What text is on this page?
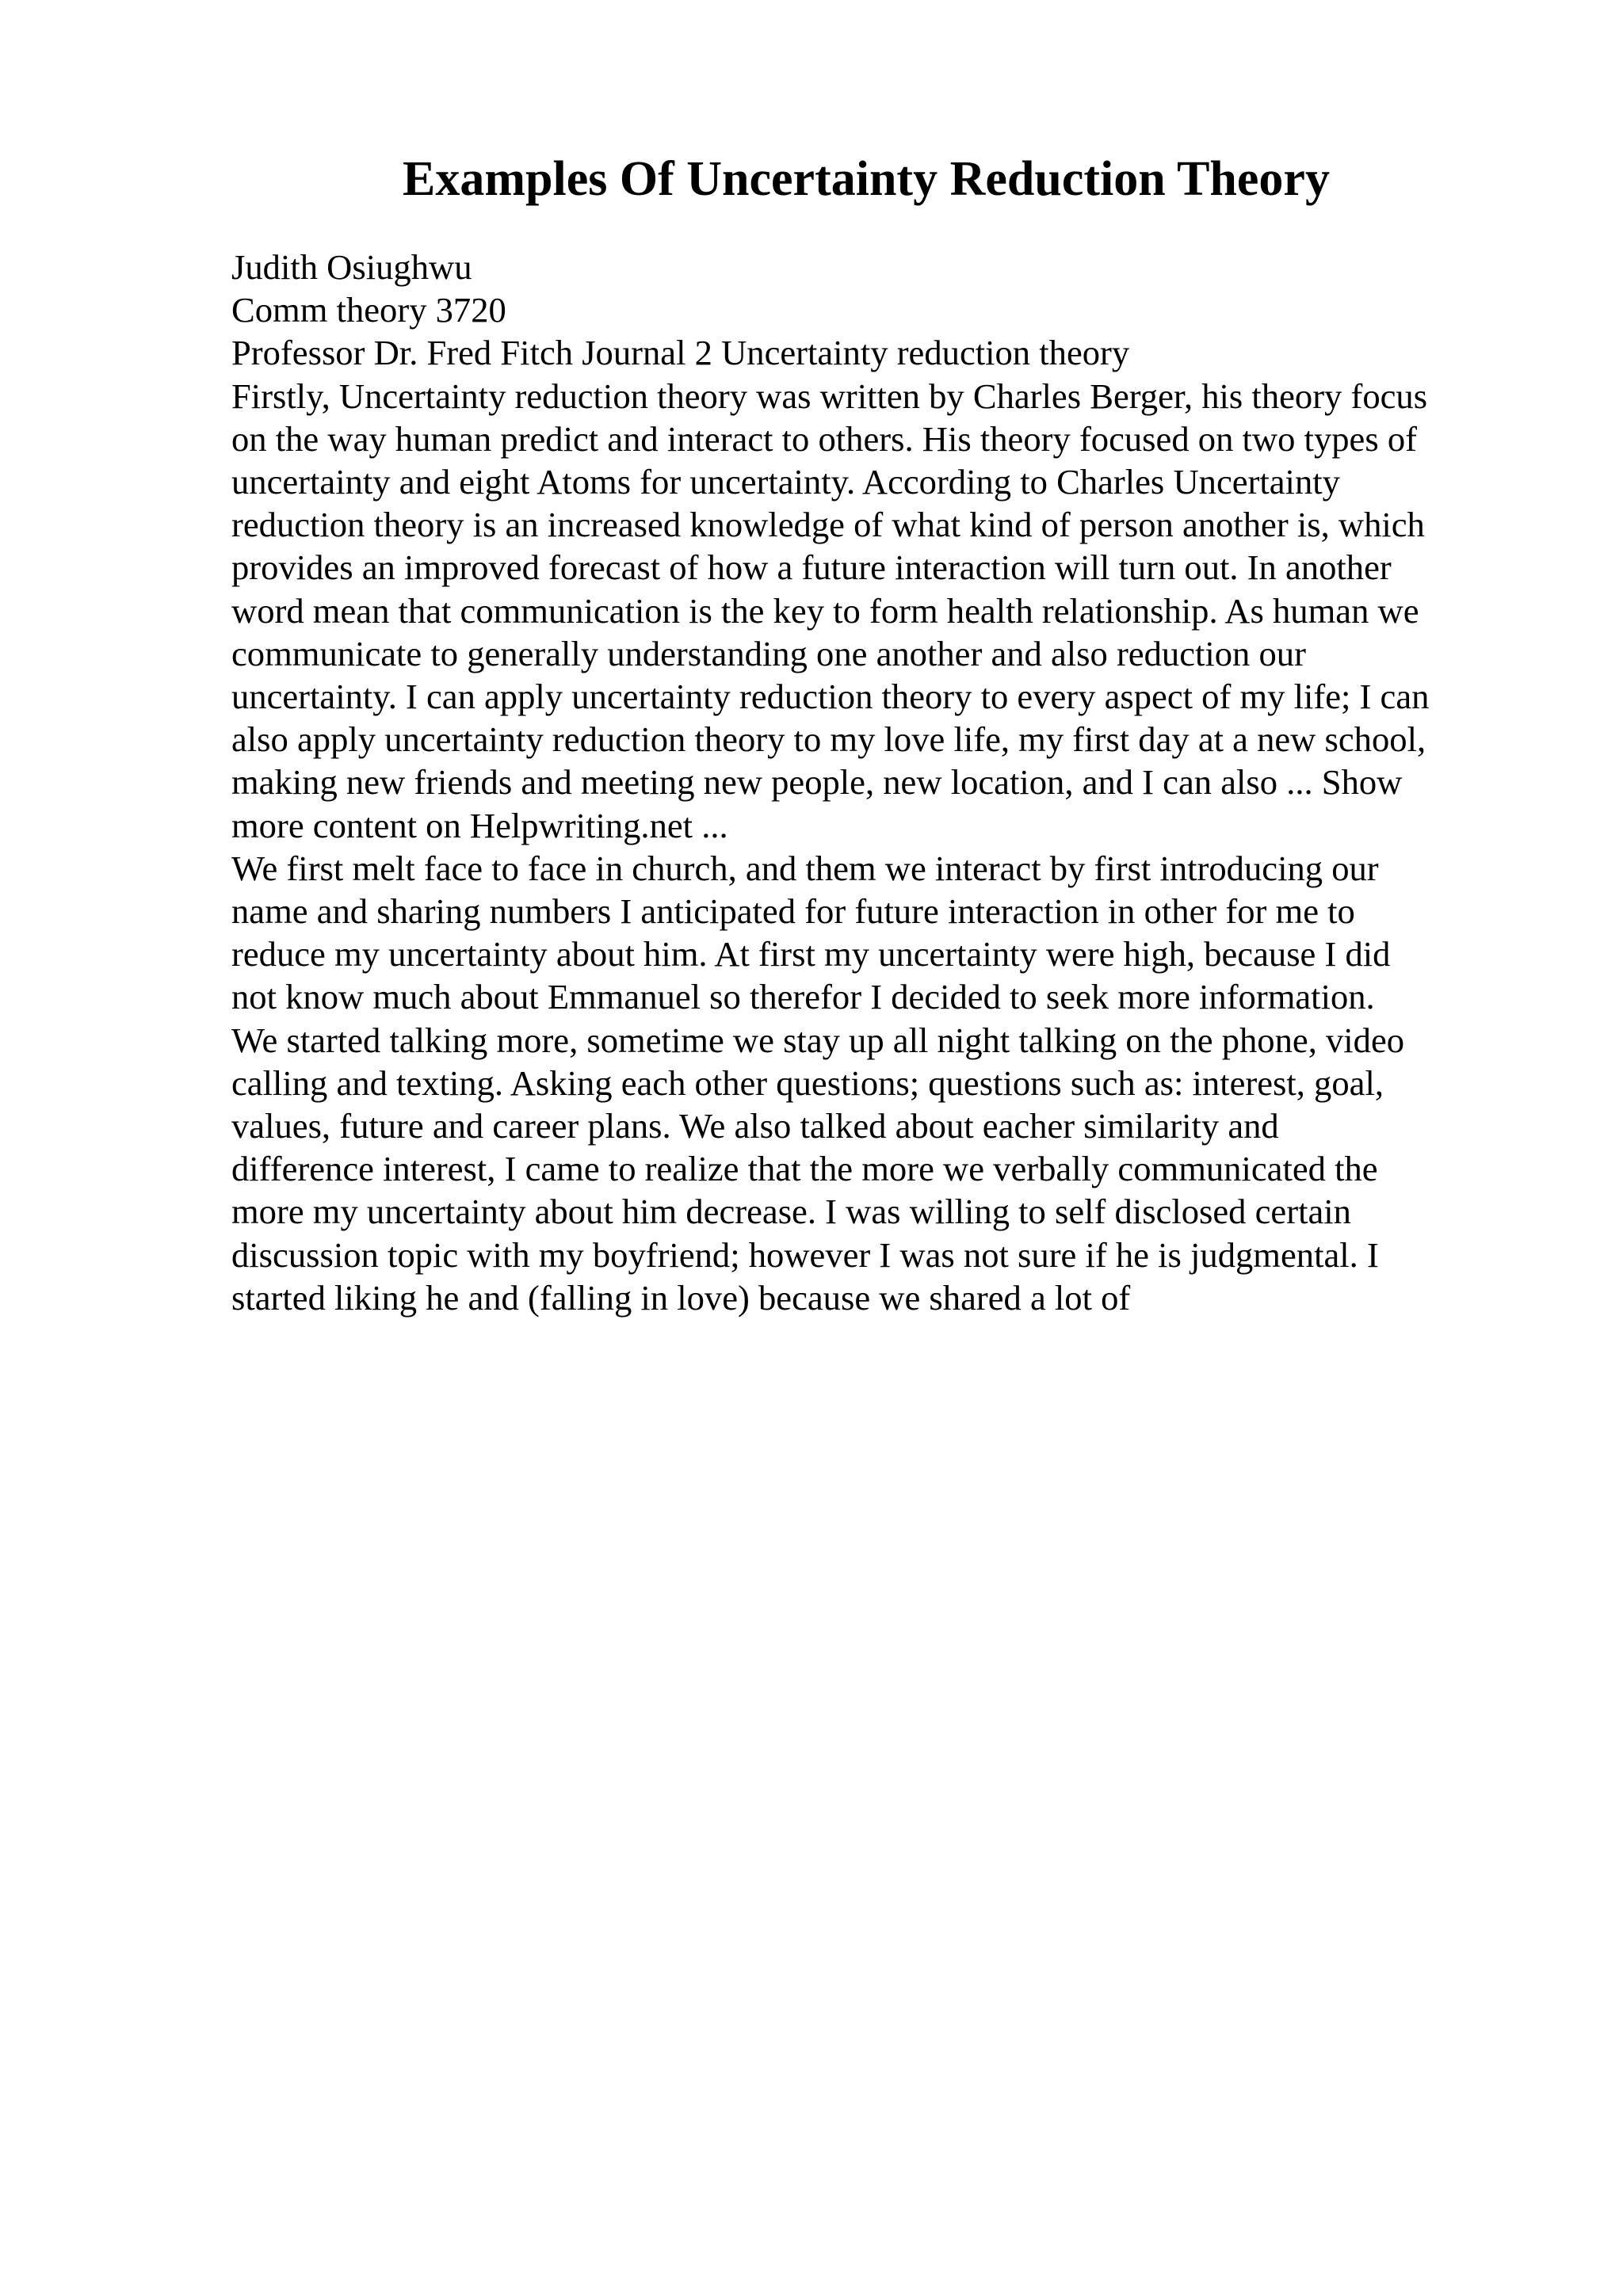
Examples Of Uncertainty Reduction Theory
Judith Osiughwu
Comm theory 3720
Professor Dr. Fred Fitch Journal 2 Uncertainty reduction theory
Firstly, Uncertainty reduction theory was written by Charles Berger, his theory focus
on the way human predict and interact to others. His theory focused on two types of
uncertainty and eight Atoms for uncertainty. According to Charles Uncertainty
reduction theory is an increased knowledge of what kind of person another is, which
provides an improved forecast of how a future interaction will turn out. In another
word mean that communication is the key to form health relationship. As human we
communicate to generally understanding one another and also reduction our
uncertainty. I can apply uncertainty reduction theory to every aspect of my life; I can
also apply uncertainty reduction theory to my love life, my first day at a new school,
making new friends and meeting new people, new location, and I can also ... Show
more content on Helpwriting.net ...
We first melt face to face in church, and them we interact by first introducing our
name and sharing numbers I anticipated for future interaction in other for me to
reduce my uncertainty about him. At first my uncertainty were high, because I did
not know much about Emmanuel so therefor I decided to seek more information.
We started talking more, sometime we stay up all night talking on the phone, video
calling and texting. Asking each other questions; questions such as: interest, goal,
values, future and career plans. We also talked about eacher similarity and
difference interest, I came to realize that the more we verbally communicated the
more my uncertainty about him decrease. I was willing to self disclosed certain
discussion topic with my boyfriend; however I was not sure if he is judgmental. I
started liking he and (falling in love) because we shared a lot of
